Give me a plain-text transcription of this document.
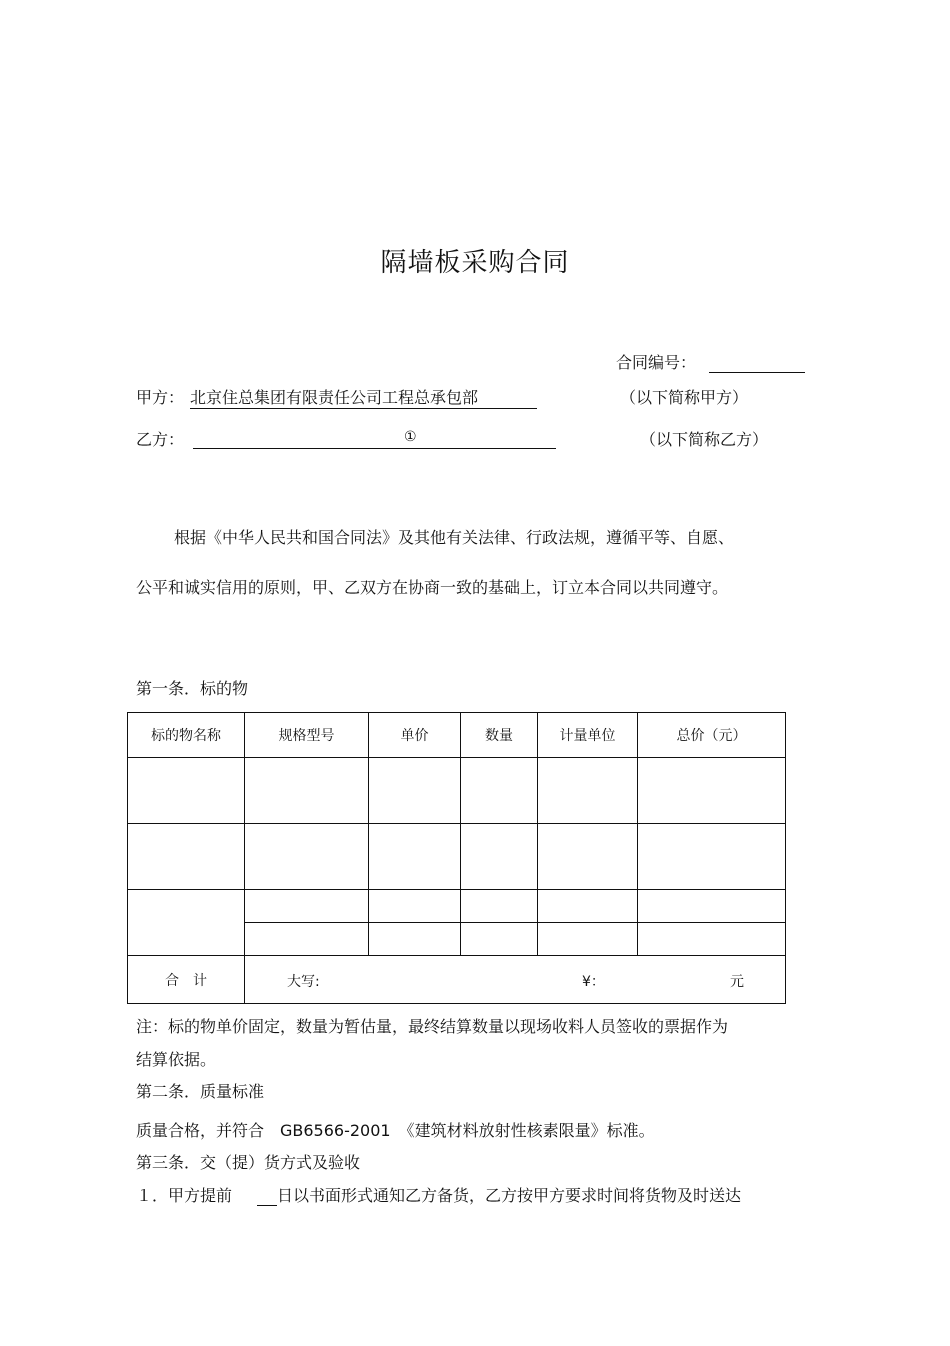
隔墙板采购合同
合同编号：
甲方： 北京住总集团有限责任公司工程总承包部	（以下简称甲方）
乙方：	①	（以下简称乙方）
根据《中华人民共和国合同法》及其他有关法律、行政法规，遵循平等、自愿、
公平和诚实信用的原则，甲、乙双方在协商一致的基础上，订立本合同以共同遵守。
第一条．标的物
标的物名称	规格型号	单价	数量	计量单位	总价（元）

合　计	大写: ¥： 元				
注：标的物单价固定，数量为暂估量，最终结算数量以现场收料人员签收的票据作为
结算依据。
第二条．质量标准
质量合格，并符合　GB6566-2001　《建筑材料放射性核素限量》标准。
第三条．交（提）货方式及验收
１．甲方提前	日以书面形式通知乙方备货，乙方按甲方要求时间将货物及时送达
